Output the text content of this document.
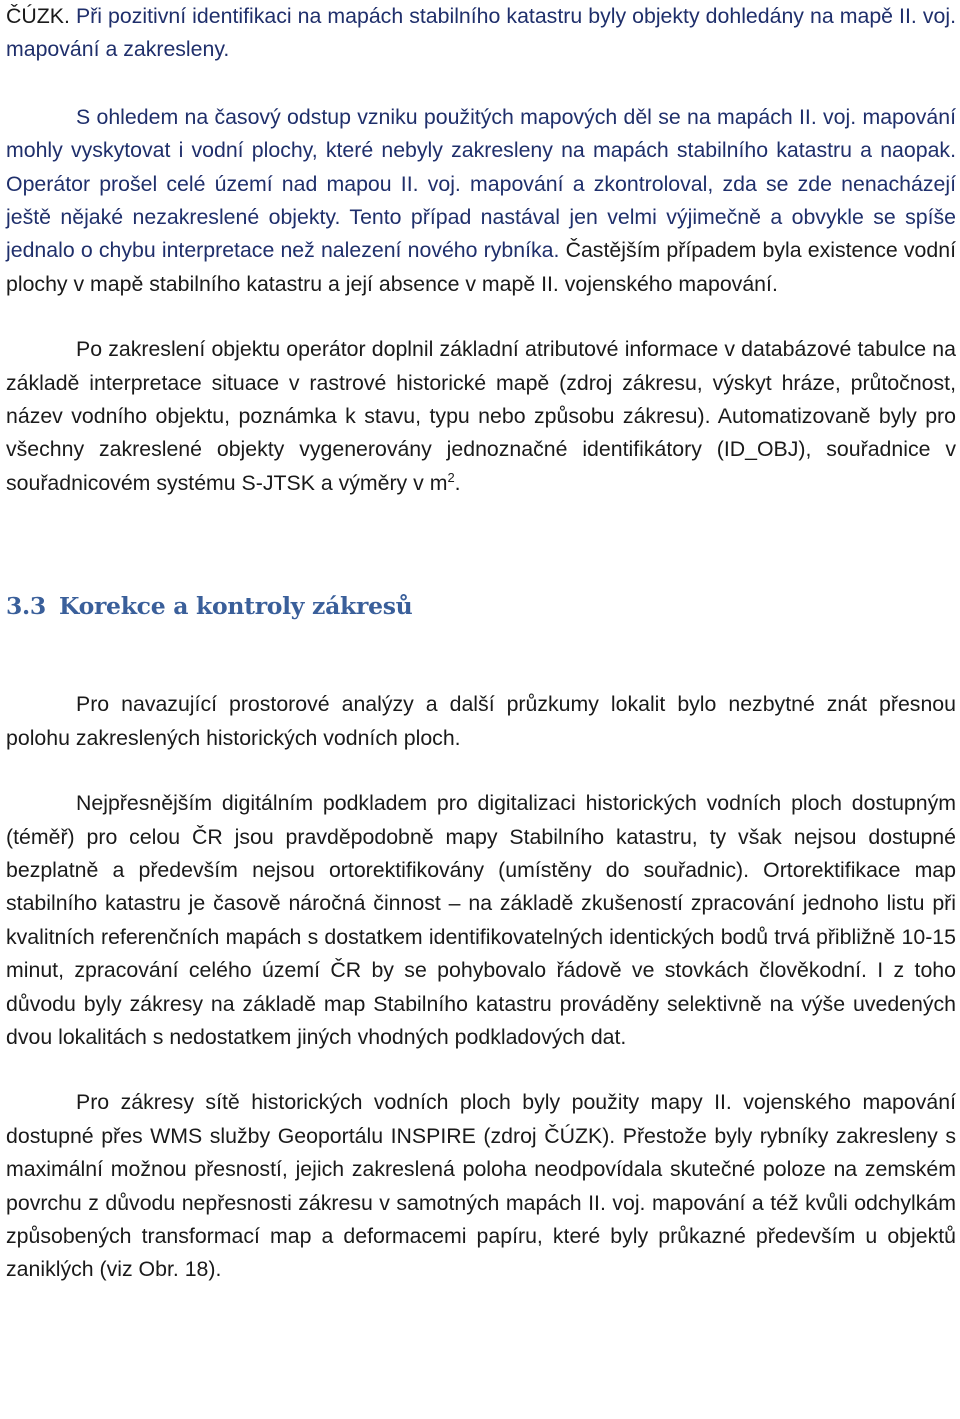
ČÚZK. Při pozitivní identifikaci na mapách stabilního katastru byly objekty dohledány na mapě II. voj. mapování a zakresleny.

S ohledem na časový odstup vzniku použitých mapových děl se na mapách II. voj. mapování mohly vyskytovat i vodní plochy, které nebyly zakresleny na mapách stabilního katastru a naopak. Operátor prošel celé území nad mapou II. voj. mapování a zkontroloval, zda se zde nenacházejí ještě nějaké nezakreslené objekty. Tento případ nastával jen velmi výjimečně a obvykle se spíše jednalo o chybu interpretace než nalezení nového rybníka. Častějším případem byla existence vodní plochy v mapě stabilního katastru a její absence v mapě II. vojenského mapování.

Po zakreslení objektu operátor doplnil základní atributové informace v databázové tabulce na základě interpretace situace v rastrové historické mapě (zdroj zákresu, výskyt hráze, průtočnost, název vodního objektu, poznámka k stavu, typu nebo způsobu zákresu). Automatizovaně byly pro všechny zakreslené objekty vygenerovány jednoznačné identifikátory (ID_OBJ), souřadnice v souřadnicovém systému S-JTSK a výměry v $m^2$.

3.3 Korekce a kontroly zákresů

Pro navazující prostorové analýzy a další průzkumy lokalit bylo nezbytné znát přesnou polohu zakreslených historických vodních ploch.

Nejpřesnějším digitálním podkladem pro digitalizaci historických vodních ploch dostupným (téměř) pro celou ČR jsou pravděpodobně mapy Stabilního katastru, ty však nejsou dostupné bezplatně a především nejsou ortorektifikovány (umístěny do souřadnic). Ortorektifikace map stabilního katastru je časově náročná činnost – na základě zkušeností zpracování jednoho listu při kvalitních referenčních mapách s dostatkem identifikovatelných identických bodů trvá přibližně 10-15 minut, zpracování celého území ČR by se pohybovalo řádově ve stovkách člověkodní. I z toho důvodu byly zákresy na základě map Stabilního katastru prováděny selektivně na výše uvedených dvou lokalitách s nedostatkem jiných vhodných podkladových dat.

Pro zákresy sítě historických vodních ploch byly použity mapy II. vojenského mapování dostupné přes WMS služby Geoportálu INSPIRE (zdroj ČÚZK). Přestože byly rybníky zakresleny s maximální možnou přesností, jejich zakreslená poloha neodpovídala skutečné poloze na zemském povrchu z důvodu nepřesnosti zákresu v samotných mapách II. voj. mapování a též kvůli odchylkám způsobených transformací map a deformacemi papíru, které byly průkazné především u objektů zaniklých (viz Obr. 18).
